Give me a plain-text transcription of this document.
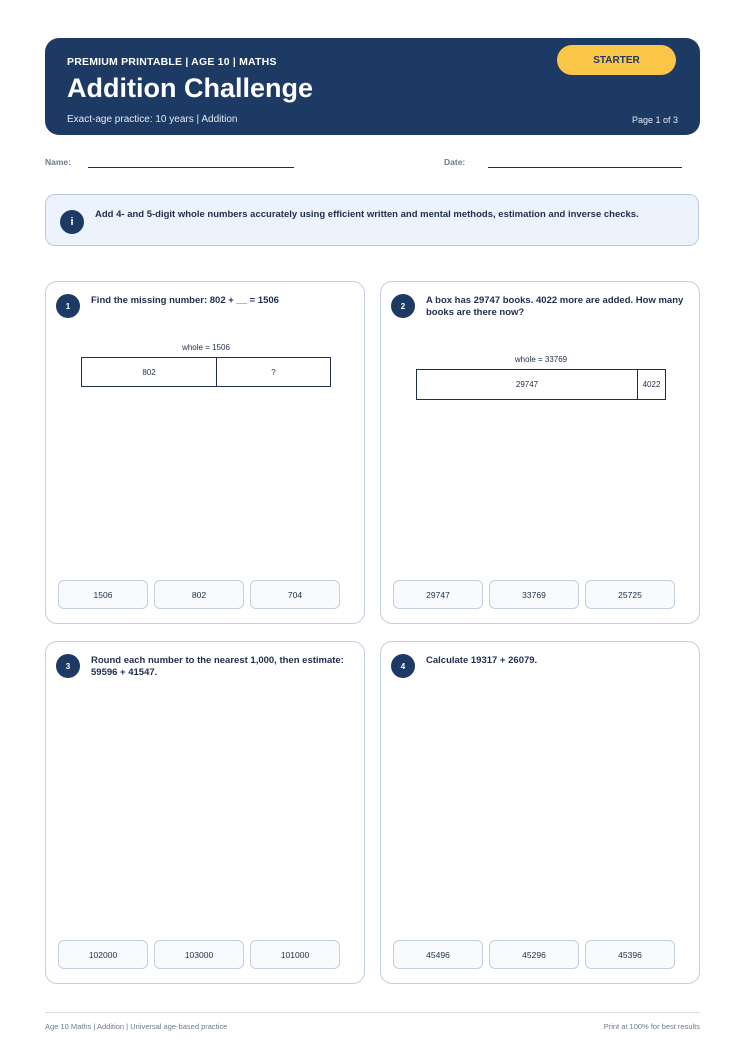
PREMIUM PRINTABLE | AGE 10 | MATHS
Addition Challenge
Exact-age practice: 10 years | Addition	Page 1 of 3
STARTER
Name:	Date:
i
Add 4- and 5-digit whole numbers accurately using efficient written and mental methods, estimation and inverse checks.
1	Find the missing number: 802 + __ = 1506
whole = 1506
802	?
1506	802	704
2	A box has 29747 books. 4022 more are added. How many books are there now?
whole = 33769
29747	4022
29747	33769	25725
3	Round each number to the nearest 1,000, then estimate: 59596 + 41547.
102000	103000	101000
4	Calculate 19317 + 26079.
45496	45296	45396
Age 10 Maths | Addition | Universal age-based practice	Print at 100% for best results
